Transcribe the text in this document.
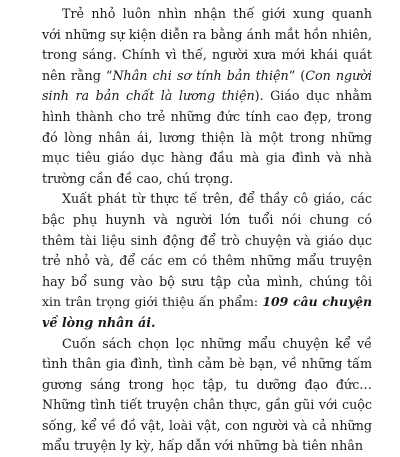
Trẻ nhỏ luôn nhìn nhận thế giới xung quanh
với những sự kiện diễn ra bằng ánh mắt hồn nhiên,
trong sáng. Chính vì thế, người xưa mới khái quát
nên rằng “Nhân chi sơ tính bản thiện” (Con người
sinh ra bản chất là lương thiện). Giáo dục nhằm
hình thành cho trẻ những đức tính cao đẹp, trong
đó lòng nhân ái, lương thiện là một trong những
mục tiêu giáo dục hàng đầu mà gia đình và nhà
trường cần đề cao, chú trọng.
Xuất phát từ thực tế trên, để thầy cô giáo, các
bậc phụ huynh và người lớn tuổi nói chung có
thêm tài liệu sinh động để trò chuyện và giáo dục
trẻ nhỏ và, để các em có thêm những mẩu truyện
hay bổ sung vào bộ sưu tập của mình, chúng tôi
xin trân trọng giới thiệu ấn phẩm: 109 câu chuyện
về lòng nhân ái.
Cuốn sách chọn lọc những mẩu chuyện kể về
tình thân gia đình, tình cảm bè bạn, về những tấm
gương sáng trong học tập, tu dưỡng đạo đức…
Những tình tiết truyện chân thực, gần gũi với cuộc
sống, kể về đồ vật, loài vật, con người và cả những
mẩu truyện ly kỳ, hấp dẫn với những bà tiên nhân
